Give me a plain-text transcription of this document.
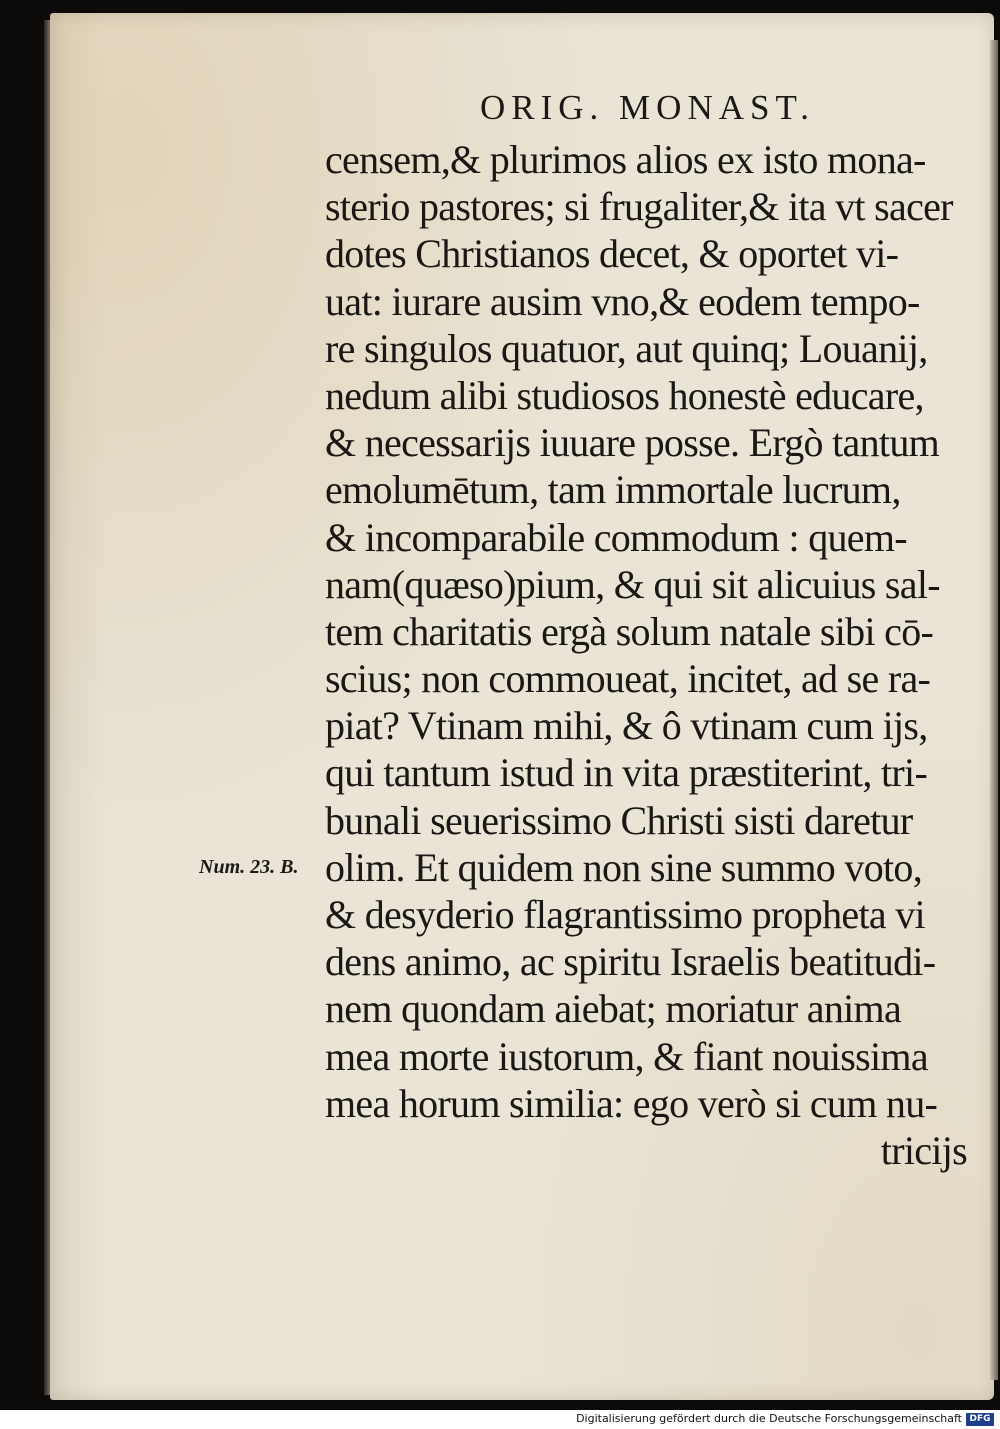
ORIG. MONAST.
Num. 23. B.
censem,& plurimos alios ex isto mona-
sterio pastores; si frugaliter,& ita vt sacer
dotes Christianos decet, & oportet vi-
uat: iurare ausim vno,& eodem tempo-
re singulos quatuor, aut quinq; Louanij,
nedum alibi studiosos honestè educare,
& necessarijs iuuare posse. Ergò tantum
emolumētum, tam immortale lucrum,
& incomparabile commodum : quem-
nam(quæso)pium, & qui sit alicuius sal-
tem charitatis ergà solum natale sibi cō-
scius; non commoueat, incitet, ad se ra-
piat? Vtinam mihi, & ô vtinam cum ijs,
qui tantum istud in vita præstiterint, tri-
bunali seuerissimo Christi sisti daretur
olim. Et quidem non sine summo voto,
& desyderio flagrantissimo propheta vi
dens animo, ac spiritu Israelis beatitudi-
nem quondam aiebat; moriatur anima
mea morte iustorum, & fiant nouissima
mea horum similia: ego verò si cum nu-
tricijs
Digitalisierung gefördert durch die Deutsche Forschungsgemeinschaft DFG
